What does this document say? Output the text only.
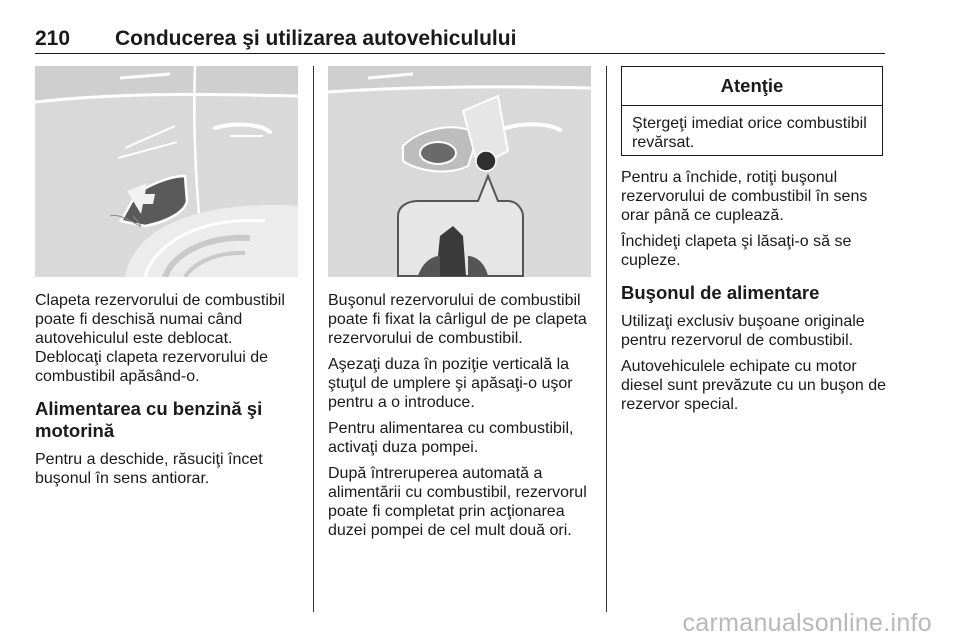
210 Conducerea şi utilizarea autovehiculului

Clapeta rezervorului de combustibil poate fi deschisă numai când autovehiculul este deblocat. Deblocaţi clapeta rezervorului de combustibil apăsând-o.

Alimentarea cu benzină şi motorină

Pentru a deschide, răsuciţi încet buşonul în sens antiorar.

Buşonul rezervorului de combustibil poate fi fixat la cârligul de pe clapeta rezervorului de combustibil.

Aşezaţi duza în poziţie verticală la ştuţul de umplere şi apăsaţi-o uşor pentru a o introduce.

Pentru alimentarea cu combustibil, activaţi duza pompei.

După întreruperea automată a alimentării cu combustibil, rezervorul poate fi completat prin acţionarea duzei pompei de cel mult două ori.

Atenţie
Ştergeţi imediat orice combustibil revărsat.

Pentru a închide, rotiţi buşonul rezervorului de combustibil în sens orar până ce cuplează.

Închideţi clapeta şi lăsaţi-o să se cupleze.

Buşonul de alimentare

Utilizaţi exclusiv buşoane originale pentru rezervorul de combustibil.

Autovehiculele echipate cu motor diesel sunt prevăzute cu un buşon de rezervor special.

carmanualsonline.info
